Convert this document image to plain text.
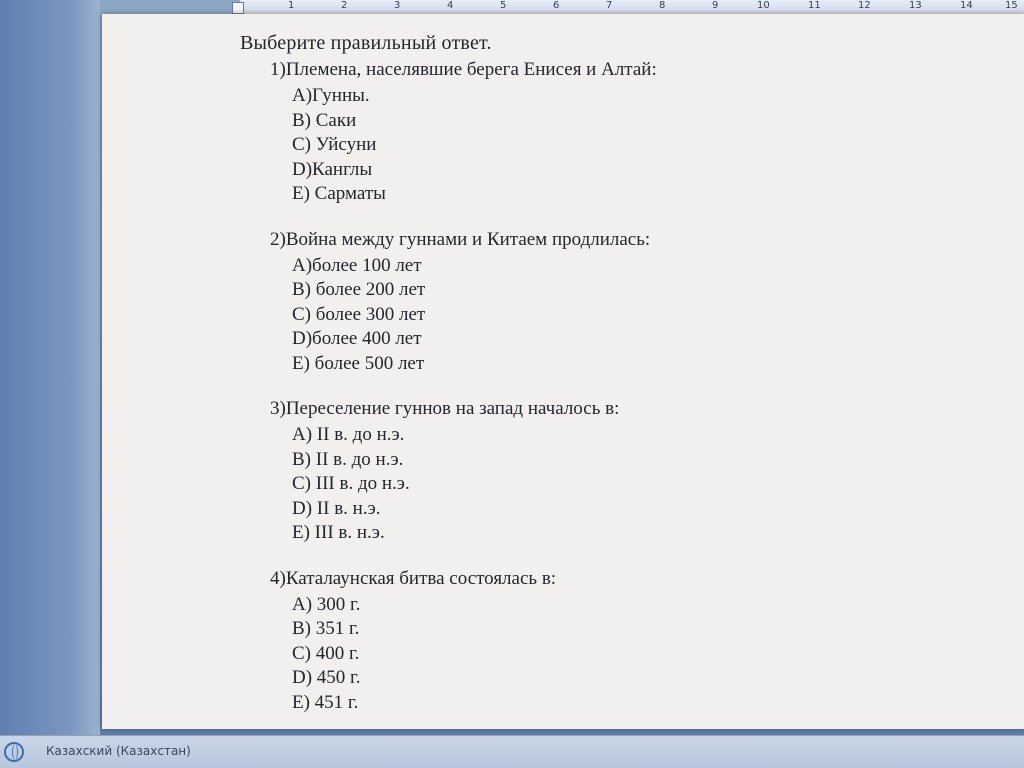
1	2	3	4	5	6	7	8	9	10	11	12	13	14	15
Выберите правильный ответ.
1)Племена, населявшие берега Енисея и Алтай:
A)Гунны.
B) Саки
C) Уйсуни
D)Канглы
E) Сарматы
2)Война между гуннами и Китаем продлилась:
A)более 100 лет
B) более 200 лет
C) более 300 лет
D)более 400 лет
E) более 500 лет
3)Переселение гуннов на запад началось в:
A) II в. до н.э.
B) II в. до н.э.
C) III в. до н.э.
D) II в. н.э.
E) III в. н.э.
4)Каталаунская битва состоялась в:
A) 300 г.
B) 351 г.
C) 400 г.
D) 450 г.
E) 451 г.
Казахский (Казахстан)
